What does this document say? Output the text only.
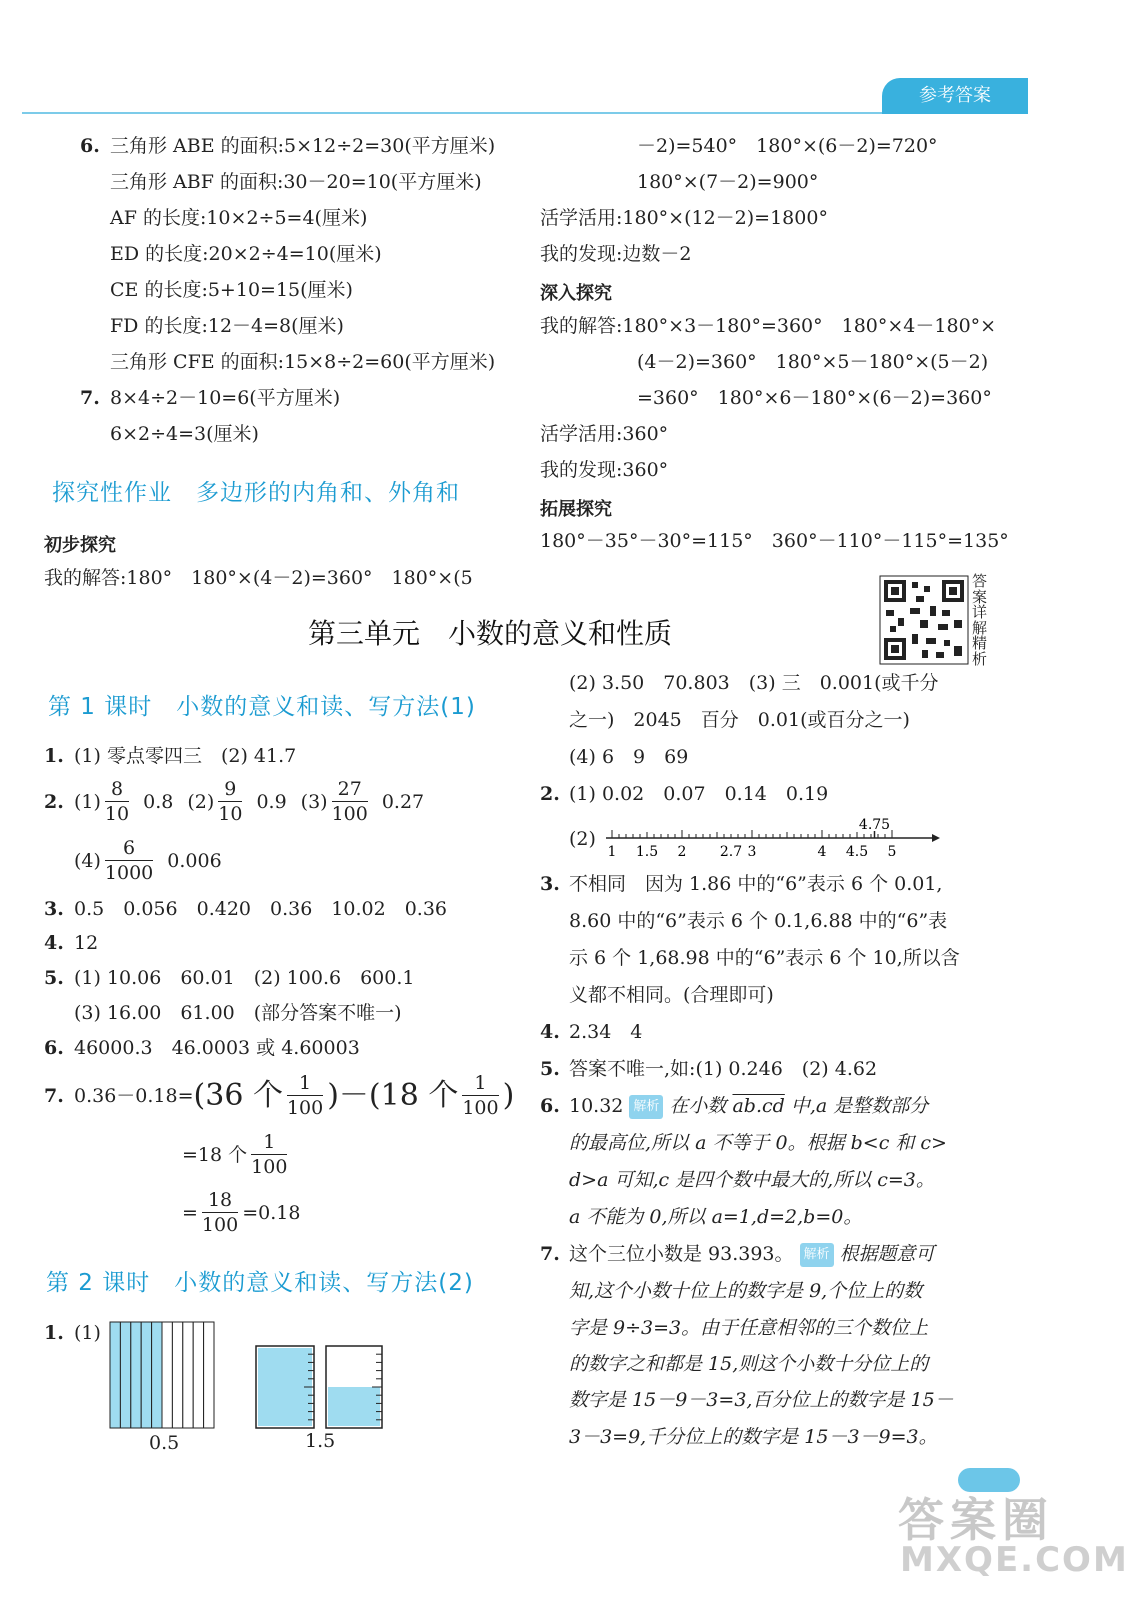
参考答案
6. 三角形 ABE 的面积:5×12÷2=30(平方厘米)
三角形 ABF 的面积:30－20=10(平方厘米)
AF 的长度:10×2÷5=4(厘米)
ED 的长度:20×2÷4=10(厘米)
CE 的长度:5+10=15(厘米)
FD 的长度:12－4=8(厘米)
三角形 CFE 的面积:15×8÷2=60(平方厘米)
7. 8×4÷2－10=6(平方厘米)
6×2÷4=3(厘米)
探究性作业　多边形的内角和、外角和
初步探究
我的解答:180°　180°×(4－2)=360°　180°×(5
－2)=540°　180°×(6－2)=720°
180°×(7－2)=900°
活学活用:180°×(12－2)=1800°
我的发现:边数－2
深入探究
我的解答:180°×3－180°=360°　180°×4－180°×
(4－2)=360°　180°×5－180°×(5－2)
=360°　180°×6－180°×(6－2)=360°
活学活用:360°
我的发现:360°
拓展探究
180°－35°－30°=115°　360°－110°－115°=135°
第三单元　小数的意义和性质
答案详解精析
第 1 课时　小数的意义和读、写方法(1)
1. (1) 零点零四三　(2) 41.7
2. $(1) \frac{8}{10} 0.8$ $(2) \frac{9}{10} 0.9$ $(3) \frac{27}{100} 0.27$
$(4) \frac{6}{1000} 0.006$
3. 0.5　0.056　0.420　0.36　10.02　0.36
4. 12
5. (1) 10.06　60.01　(2) 100.6　600.1
(3) 16.00　61.00　(部分答案不唯一)
6. 46000.3　46.0003 或 4.60003
7. 0.36－0.18= (36 个 $\frac{1}{100} )-(18$ 个 $\frac{1}{100}$ )
=18 个 $\frac{1}{100}$
= $\frac{18}{100} =0.18$
第 2 课时　小数的意义和读、写方法(2)
1. (1)
0.5	1.5
(2) 3.50　70.803　(3) 三　0.001(或千分
之一)　2045　百分　0.01(或百分之一)
(4) 6　9　69
2. (1) 0.02　0.07　0.14　0.19
(2)
4.75
1 1.5 2 2.7 3	4 4.5 5
3. 不相同　因为 1.86 中的“6”表示 6 个 0.01,
8.60 中的“6”表示 6 个 0.1,6.88 中的“6”表
示 6 个 1,68.98 中的“6”表示 6 个 10,所以含
义都不相同。(合理即可)
4. 2.34　4
5. 答案不唯一,如:(1) 0.246　(2) 4.62
6. 10.32 解析 在小数 ab.cd 中,a 是整数部分
的最高位,所以 a 不等于 0。根据 b<c 和 c>
d>a 可知,c 是四个数中最大的,所以 c=3。
a 不能为 0,所以 a=1,d=2,b=0。
7. 这个三位小数是 93.393。 解析 根据题意可
知,这个小数十位上的数字是 9,个位上的数
字是 9÷3=3。由于任意相邻的三个数位上
的数字之和都是 15,则这个小数十分位上的
数字是 15－9－3=3,百分位上的数字是 15－
3－3=9,千分位上的数字是 15－3－9=3。
答案圈
MXQE.COM
